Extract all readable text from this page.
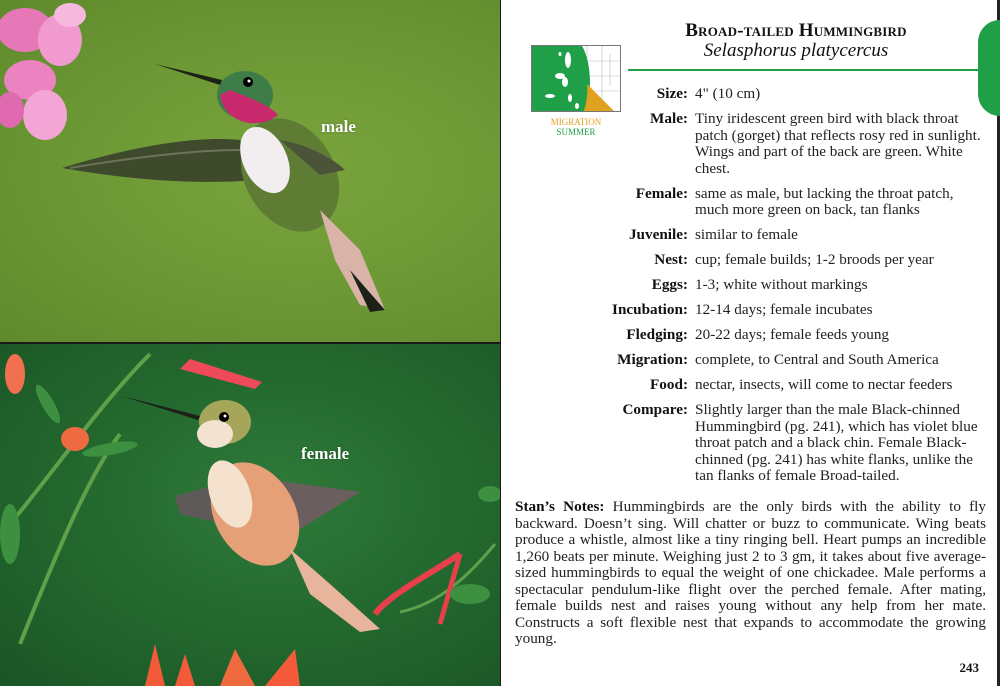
male
female
MIGRATION
SUMMER
Broad-tailed Hummingbird
Selasphorus platycercus
Size: 4" (10 cm)
Male: Tiny iridescent green bird with black throat patch (gorget) that reflects rosy red in sunlight. Wings and part of the back are green. White chest.
Female: same as male, but lacking the throat patch, much more green on back, tan flanks
Juvenile: similar to female
Nest: cup; female builds; 1-2 broods per year
Eggs: 1-3; white without markings
Incubation: 12-14 days; female incubates
Fledging: 20-22 days; female feeds young
Migration: complete, to Central and South America
Food: nectar, insects, will come to nectar feeders
Compare: Slightly larger than the male Black-chinned Hummingbird (pg. 241), which has violet blue throat patch and a black chin. Female Black-chinned (pg. 241) has white flanks, unlike the tan flanks of female Broad-tailed.
Stan’s Notes: Hummingbirds are the only birds with the ability to fly backward. Doesn’t sing. Will chatter or buzz to communicate. Wing beats produce a whistle, almost like a tiny ringing bell. Heart pumps an incredible 1,260 beats per minute. Weighing just 2 to 3 gm, it takes about five average-sized hummingbirds to equal the weight of one chickadee. Male performs a spectacular pendulum-like flight over the perched female. After mating, female builds nest and raises young without any help from her mate. Constructs a soft flexible nest that expands to accommodate the growing young.
243
